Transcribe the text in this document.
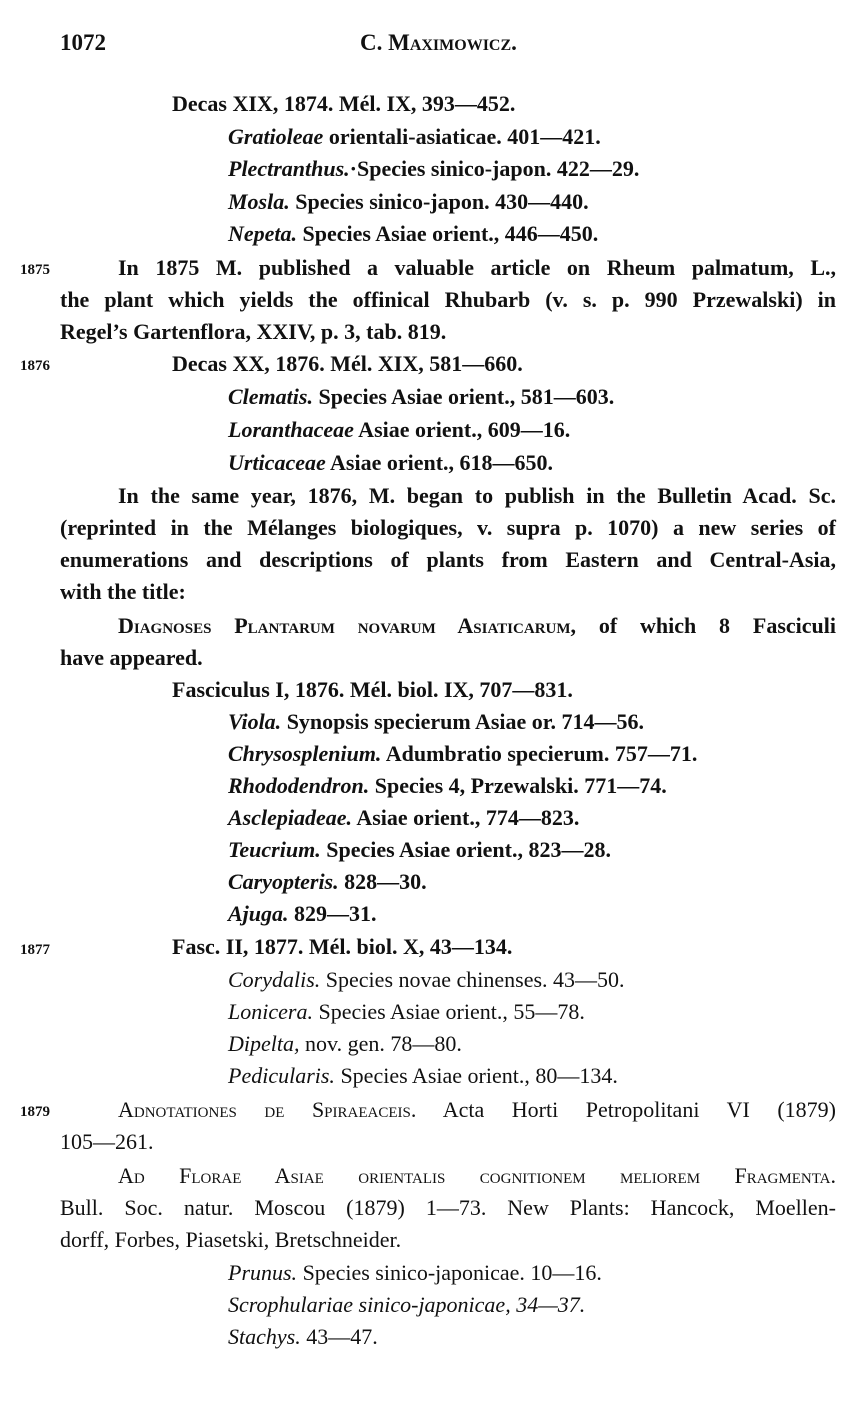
1072	C. Maximowicz.
Decas XIX, 1874. Mél. IX, 393—452.
Gratioleae orientali-asiaticae. 401—421.
Plectranthus.·Species sinico-japon. 422—29.
Mosla. Species sinico-japon. 430—440.
Nepeta. Species Asiae orient., 446—450.
1875	In 1875 M. published a valuable article on Rheum palmatum, L.,
the plant which yields the offinical Rhubarb (v. s. p. 990 Przewalski) in
Regel’s Gartenflora, XXIV, p. 3, tab. 819.
1876	Decas XX, 1876. Mél. XIX, 581—660.
Clematis. Species Asiae orient., 581—603.
Loranthaceae Asiae orient., 609—16.
Urticaceae Asiae orient., 618—650.
In the same year, 1876, M. began to publish in the Bulletin Acad. Sc.
(reprinted in the Mélanges biologiques, v. supra p. 1070) a new series of
enumerations and descriptions of plants from Eastern and Central-Asia,
with the title:
Diagnoses Plantarum novarum Asiaticarum, of which 8 Fasciculi
have appeared.
Fasciculus I, 1876. Mél. biol. IX, 707—831.
Viola. Synopsis specierum Asiae or. 714—56.
Chrysosplenium. Adumbratio specierum. 757—71.
Rhododendron. Species 4, Przewalski. 771—74.
Asclepiadeae. Asiae orient., 774—823.
Teucrium. Species Asiae orient., 823—28.
Caryopteris. 828—30.
Ajuga. 829—31.
1877	Fasc. II, 1877. Mél. biol. X, 43—134.
Corydalis. Species novae chinenses. 43—50.
Lonicera. Species Asiae orient., 55—78.
Dipelta, nov. gen. 78—80.
Pedicularis. Species Asiae orient., 80—134.
1879	Adnotationes de Spiraeaceis. Acta Horti Petropolitani VI (1879)
105—261.
Ad Florae Asiae orientalis cognitionem meliorem Fragmenta.
Bull. Soc. natur. Moscou (1879) 1—73. New Plants: Hancock, Moellen-
dorff, Forbes, Piasetski, Bretschneider.
Prunus. Species sinico-japonicae. 10—16.
Scrophulariae sinico-japonicae, 34—37.
Stachys. 43—47.
